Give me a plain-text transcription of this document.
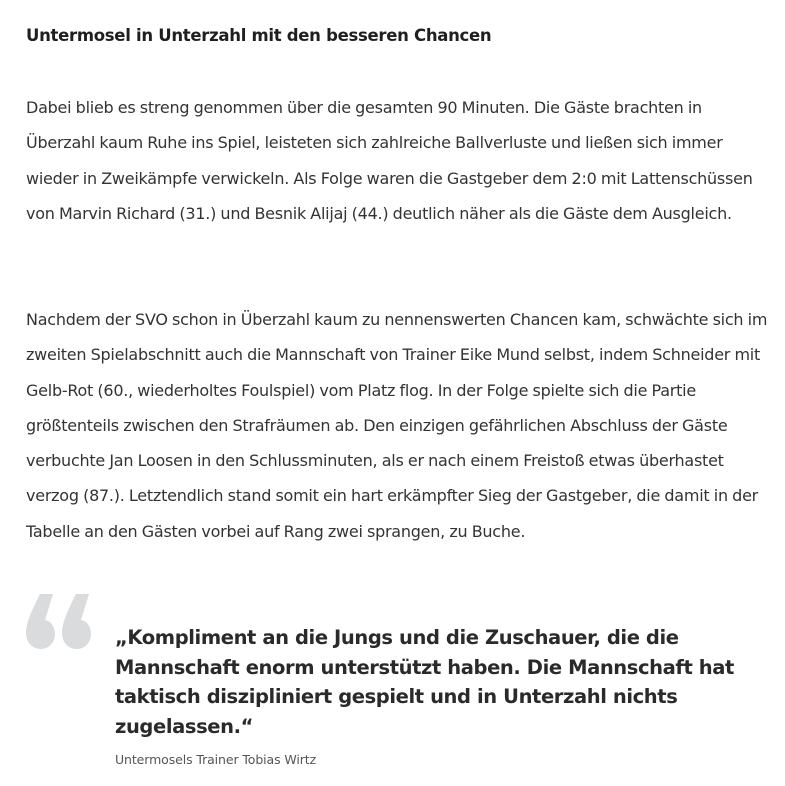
Untermosel in Unterzahl mit den besseren Chancen

Dabei blieb es streng genommen über die gesamten 90 Minuten. Die Gäste brachten in Überzahl kaum Ruhe ins Spiel, leisteten sich zahlreiche Ballverluste und ließen sich immer wieder in Zweikämpfe verwickeln. Als Folge waren die Gastgeber dem 2:0 mit Lattenschüssen von Marvin Richard (31.) und Besnik Alijaj (44.) deutlich näher als die Gäste dem Ausgleich.

Nachdem der SVO schon in Überzahl kaum zu nennenswerten Chancen kam, schwächte sich im zweiten Spielabschnitt auch die Mannschaft von Trainer Eike Mund selbst, indem Schneider mit Gelb-Rot (60., wiederholtes Foulspiel) vom Platz flog. In der Folge spielte sich die Partie größtenteils zwischen den Strafräumen ab. Den einzigen gefährlichen Abschluss der Gäste verbuchte Jan Loosen in den Schlussminuten, als er nach einem Freistoß etwas überhastet verzog (87.). Letztendlich stand somit ein hart erkämpfter Sieg der Gastgeber, die damit in der Tabelle an den Gästen vorbei auf Rang zwei sprangen, zu Buche.

„Kompliment an die Jungs und die Zuschauer, die die Mannschaft enorm unterstützt haben. Die Mannschaft hat taktisch diszipliniert gespielt und in Unterzahl nichts zugelassen.“

Untermosels Trainer Tobias Wirtz
